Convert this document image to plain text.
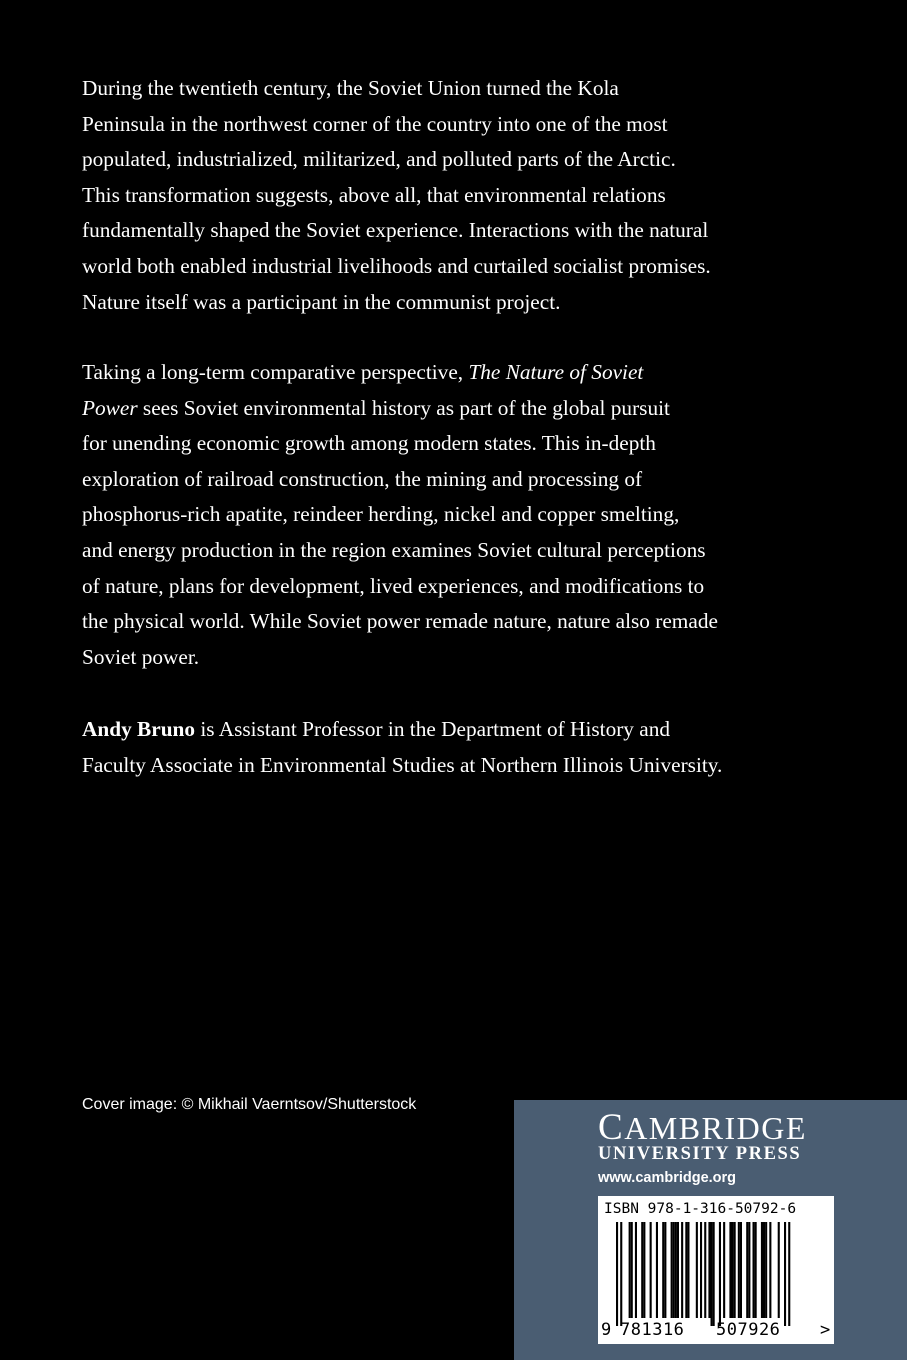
During the twentieth century, the Soviet Union turned the Kola
Peninsula in the northwest corner of the country into one of the most
populated, industrialized, militarized, and polluted parts of the Arctic.
This transformation suggests, above all, that environmental relations
fundamentally shaped the Soviet experience. Interactions with the natural
world both enabled industrial livelihoods and curtailed socialist promises.
Nature itself was a participant in the communist project.

Taking a long-term comparative perspective, The Nature of Soviet
Power sees Soviet environmental history as part of the global pursuit
for unending economic growth among modern states. This in-depth
exploration of railroad construction, the mining and processing of
phosphorus-rich apatite, reindeer herding, nickel and copper smelting,
and energy production in the region examines Soviet cultural perceptions
of nature, plans for development, lived experiences, and modifications to
the physical world. While Soviet power remade nature, nature also remade
Soviet power.

Andy Bruno is Assistant Professor in the Department of History and
Faculty Associate in Environmental Studies at Northern Illinois University.

Cover image: © Mikhail Vaerntsov/Shutterstock
CAMBRIDGE
UNIVERSITY PRESS
www.cambridge.org
ISBN 978-1-316-50792-6
9 781316 507926 >
